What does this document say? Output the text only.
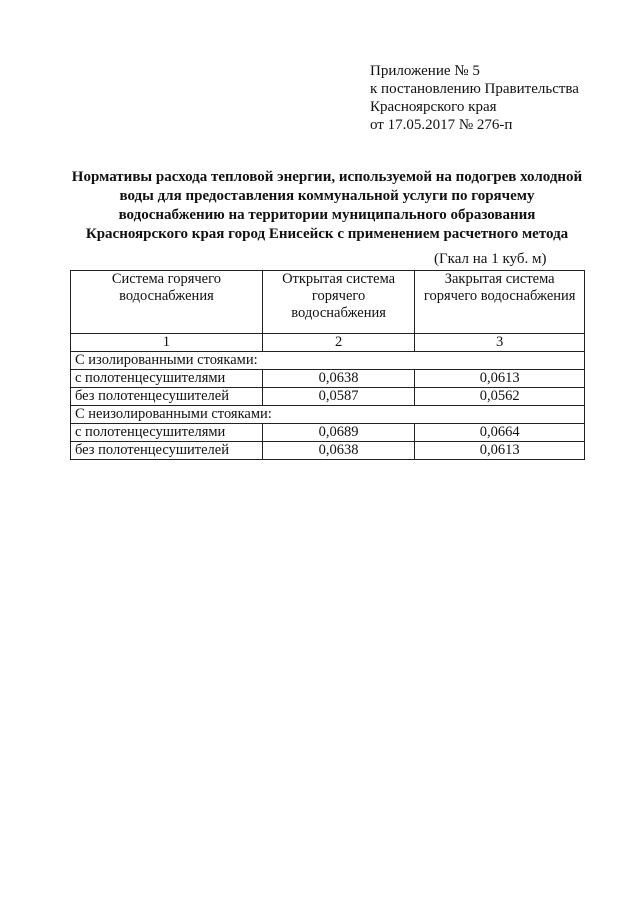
Приложение № 5
к постановлению Правительства
Красноярского края
от 17.05.2017 № 276-п
Нормативы расхода тепловой энергии, используемой на подогрев холодной
воды для предоставления коммунальной услуги по горячему
водоснабжению на территории муниципального образования
Красноярского края город Енисейск с применением расчетного метода
(Гкал на 1 куб. м)
Система горячего водоснабжения	Открытая система горячего водоснабжения	Закрытая система горячего водоснабжения
1	2	3
С изолированными стояками:		
с полотенцесушителями	0,0638	0,0613
без полотенцесушителей	0,0587	0,0562
С неизолированными стояками:		
с полотенцесушителями	0,0689	0,0664
без полотенцесушителей	0,0638	0,0613
